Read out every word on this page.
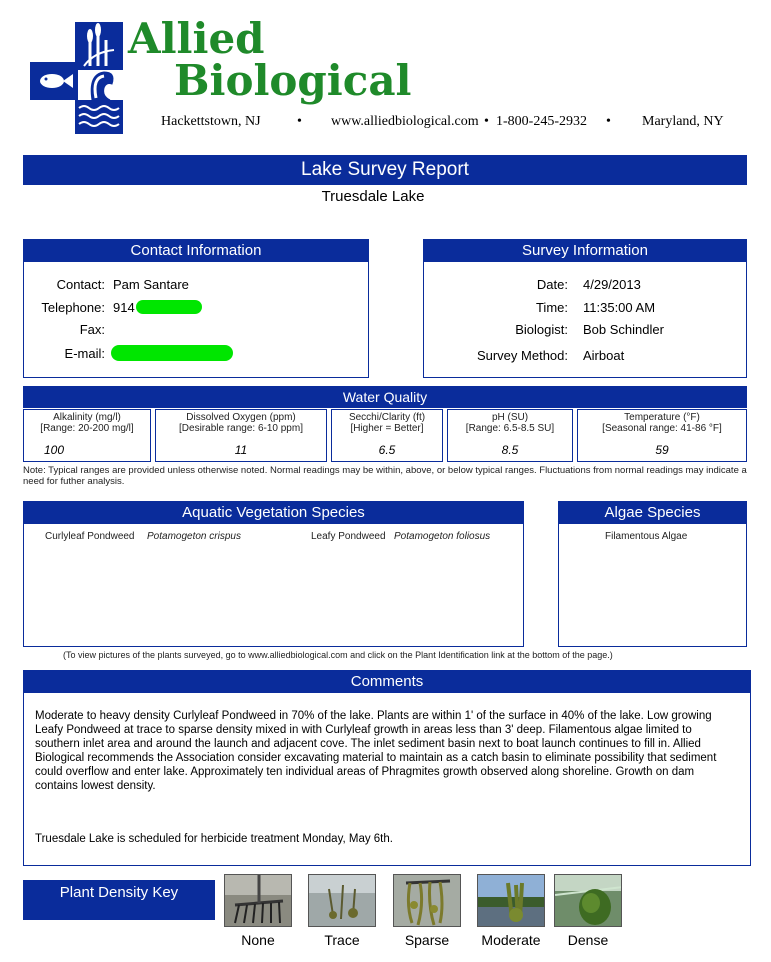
Allied
Biological
Hackettstown, NJ	• www.alliedbiological.com • 1-800-245-2932 • Maryland, NY
Lake Survey Report
Truesdale Lake
Contact Information
Contact: Pam Santare
Telephone: 914
Fax:
E-mail:
Survey Information
Date: 4/29/2013
Time: 11:35:00 AM
Biologist: Bob Schindler
Survey Method: Airboat
Water Quality
Alkalinity (mg/l)
[Range: 20-200 mg/l]
100
Dissolved Oxygen (ppm)
[Desirable range: 6-10 ppm]
11
Secchi/Clarity (ft)
[Higher = Better]
6.5
pH (SU)
[Range: 6.5-8.5 SU]
8.5
Temperature (°F)
[Seasonal range: 41-86 °F]
59
Note: Typical ranges are provided unless otherwise noted. Normal readings may be within, above, or below typical ranges. Fluctuations from normal readings may indicate a need for futher analysis.
Aquatic Vegetation Species
Curlyleaf Pondweed Potamogeton crispus	Leafy Pondweed Potamogeton foliosus
Algae Species
Filamentous Algae
(To view pictures of the plants surveyed, go to www.alliedbiological.com and click on the Plant Identification link at the bottom of the page.)
Comments
Moderate to heavy density Curlyleaf Pondweed in 70% of the lake. Plants are within 1' of the surface in 40% of the lake. Low growing Leafy Pondweed at trace to sparse density mixed in with Curlyleaf growth in areas less than 3' deep. Filamentous algae limited to southern inlet area and around the launch and adjacent cove. The inlet sediment basin next to boat launch continues to fill in. Allied Biological recommends the Association consider excavating material to maintain as a catch basin to eliminate possibility that sediment could overflow and enter lake. Approximately ten individual areas of Phragmites growth observed along shoreline. Growth on dam contains lowest density.
Truesdale Lake is scheduled for herbicide treatment Monday, May 6th.
Plant Density Key
None	Trace	Sparse	Moderate	Dense
